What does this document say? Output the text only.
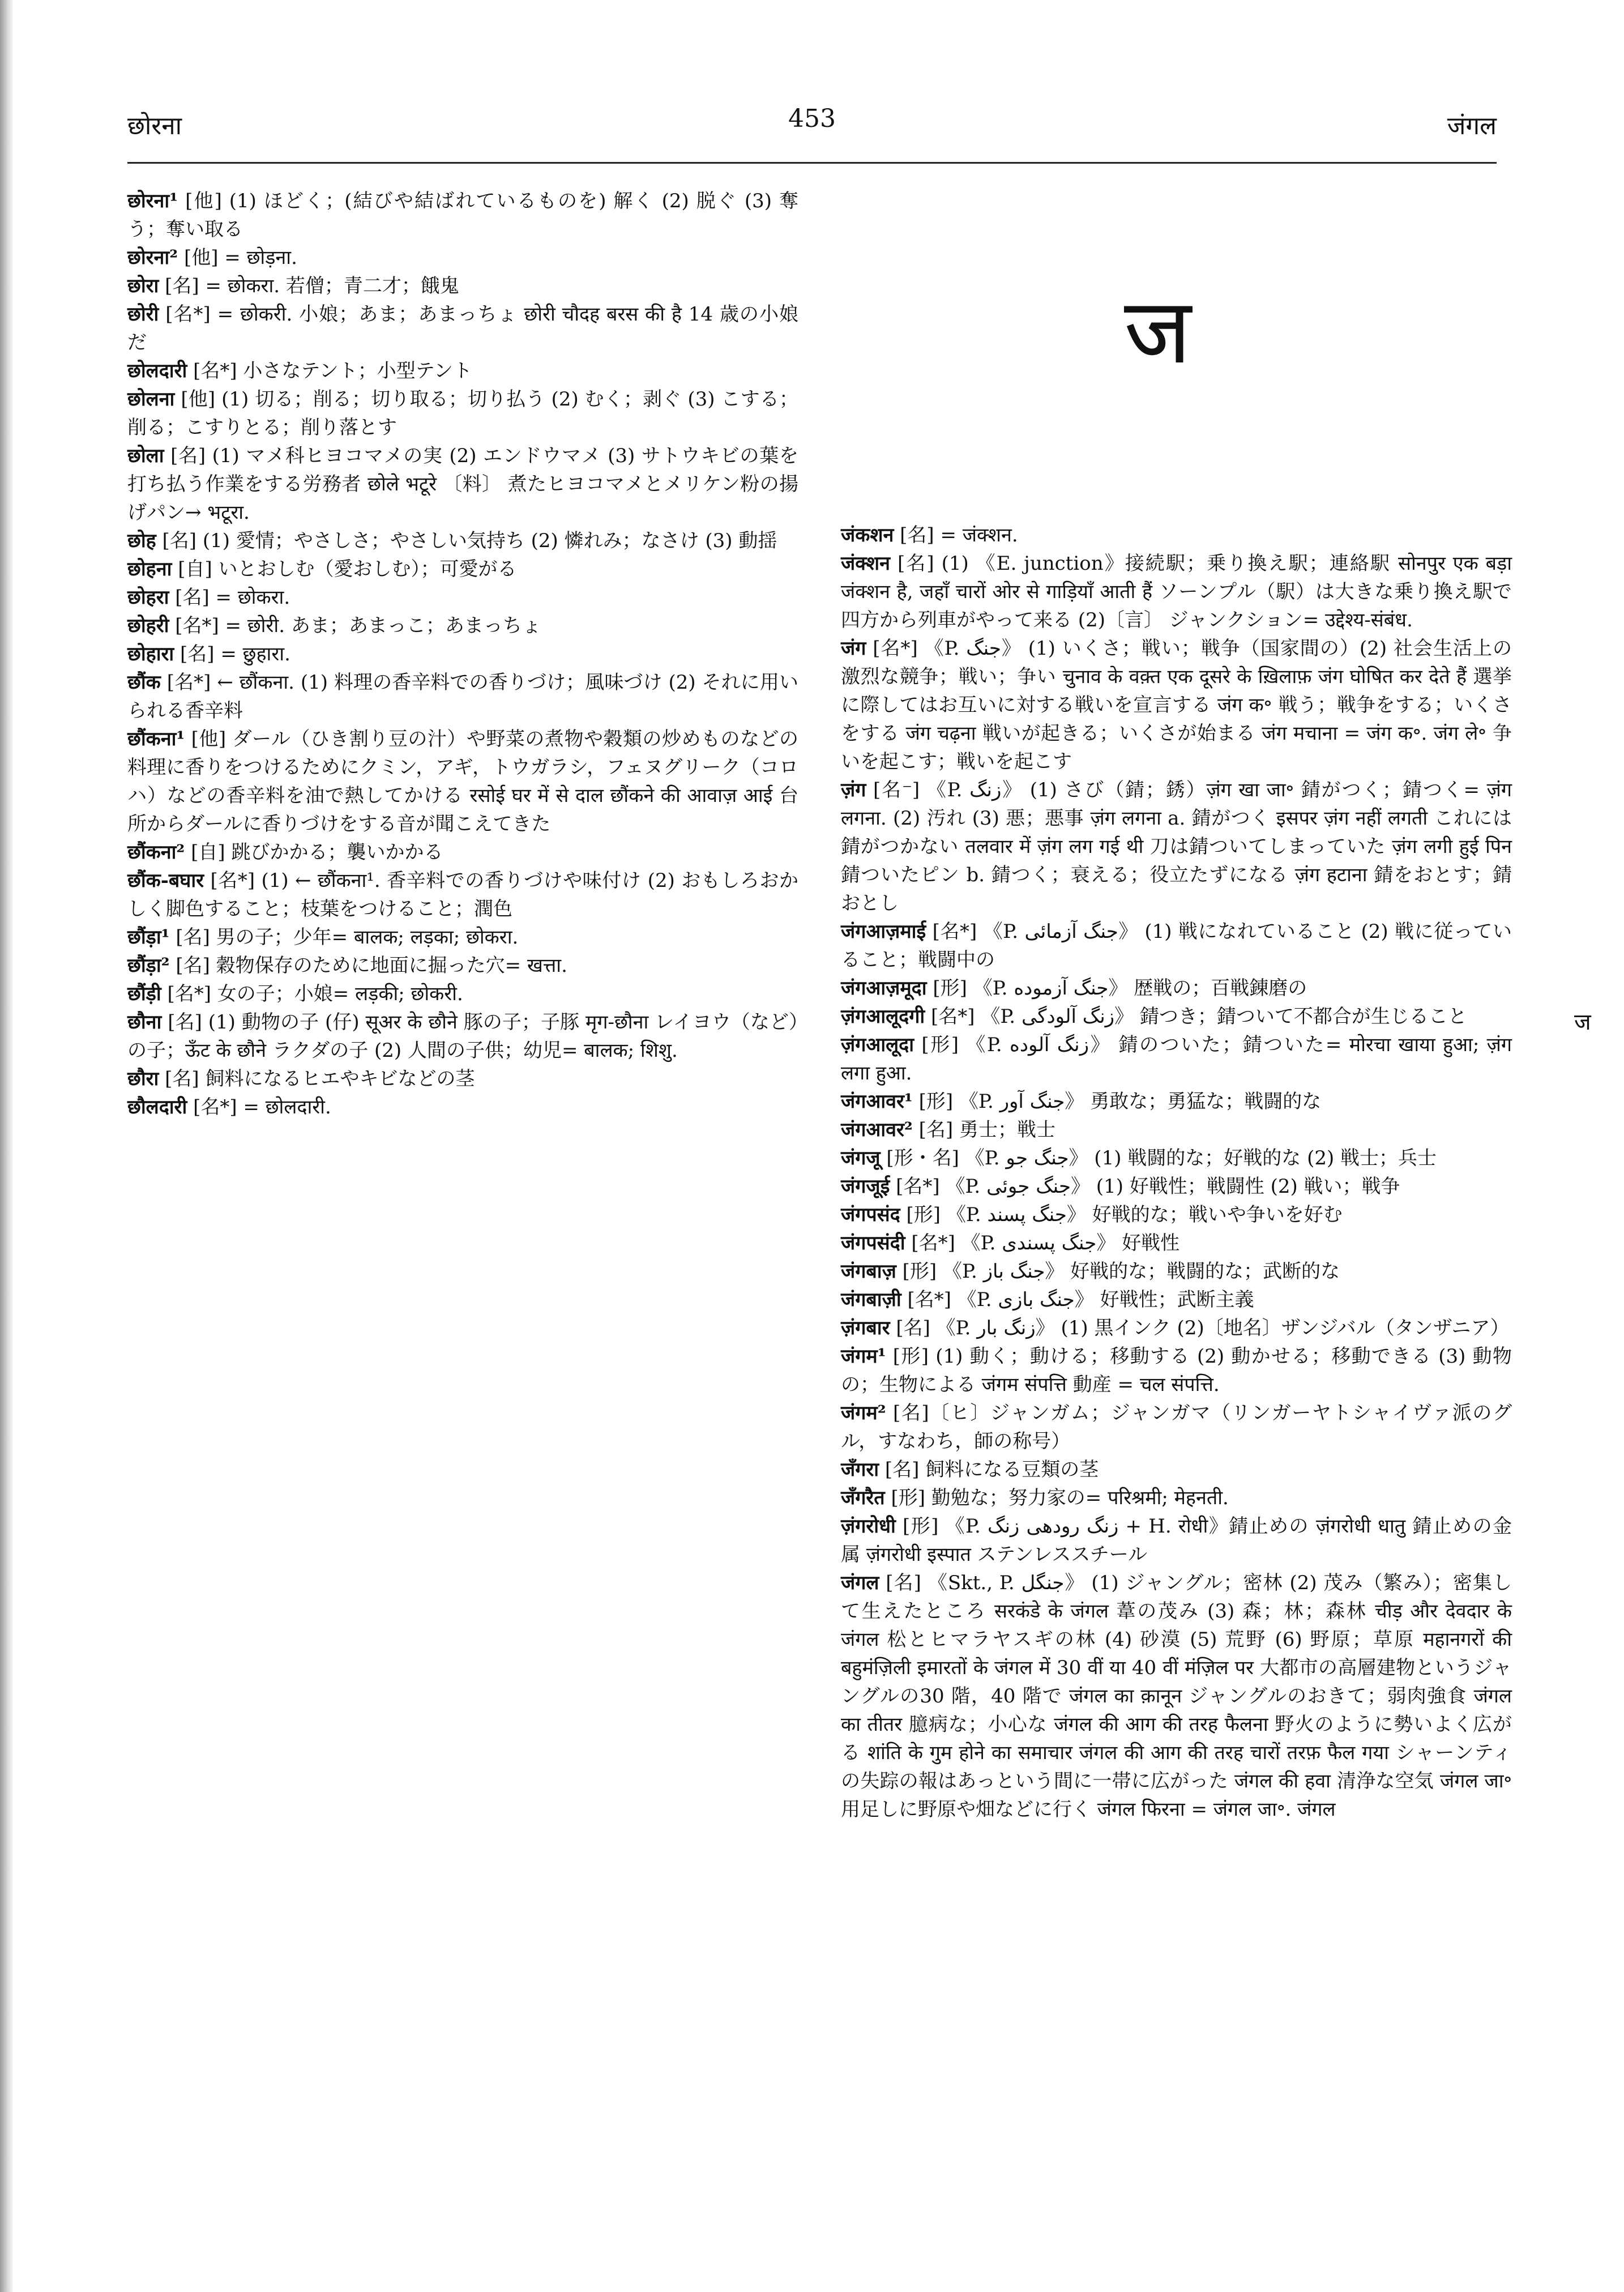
छोरना	453	जंगल

छोरना¹ [他] (1) ほどく；(結びや結ばれているものを) 解く (2) 脱ぐ (3) 奪う；奪い取る

छोरना² [他] = छोड़ना.

छोरा [名] = छोकरा. 若僧；青二才；餓鬼

छोरी [名*] = छोकरी. 小娘；あま；あまっちょ छोरी चौदह बरस की है 14 歳の小娘だ

छोलदारी [名*] 小さなテント；小型テント

छोलना [他] (1) 切る；削る；切り取る；切り払う (2) むく；剥ぐ (3) こする；削る；こすりとる；削り落とす

छोला [名] (1) マメ科ヒヨコマメの実 (2) エンドウマメ (3) サトウキビの葉を打ち払う作業をする労務者 छोले भटूरे 〔料〕 煮たヒヨコマメとメリケン粉の揚げパン→ भटूरा.

छोह [名] (1) 愛情；やさしさ；やさしい気持ち (2) 憐れみ；なさけ (3) 動揺

छोहना [自] いとおしむ（愛おしむ）；可愛がる

छोहरा [名] = छोकरा.

छोहरी [名*] = छोरी. あま；あまっこ；あまっちょ

छोहारा [名] = छुहारा.

छौंक [名*] ← छौंकना. (1) 料理の香辛料での香りづけ；風味づけ (2) それに用いられる香辛料

छौंकना¹ [他] ダール（ひき割り豆の汁）や野菜の煮物や穀類の炒めものなどの料理に香りをつけるためにクミン，アギ，トウガラシ，フェヌグリーク（コロハ）などの香辛料を油で熱してかける रसोई घर में से दाल छौंकने की आवाज़ आई 台所からダールに香りづけをする音が聞こえてきた

छौंकना² [自] 跳びかかる；襲いかかる

छौंक-बघार [名*] (1) ← छौंकना¹. 香辛料での香りづけや味付け (2) おもしろおかしく脚色すること；枝葉をつけること；潤色

छौंड़ा¹ [名] 男の子；少年= बालक; लड़का; छोकरा.

छौंड़ा² [名] 穀物保存のために地面に掘った穴= खत्ता.

छौंड़ी [名*] 女の子；小娘= लड़की; छोकरी.

छौना [名] (1) 動物の子 (仔) सूअर के छौने 豚の子；子豚 मृग-छौना レイヨウ（など）の子；ऊँट के छौने ラクダの子 (2) 人間の子供；幼児= बालक; शिशु.

छौरा [名] 飼料になるヒエやキビなどの茎

छौलदारी [名*] = छोलदारी.

ज

जंकशन [名] = जंक्शन.

जंक्शन [名] (1) 《E. junction》接続駅；乗り換え駅；連絡駅 सोनपुर एक बड़ा जंक्शन है, जहाँ चारों ओर से गाड़ियाँ आती हैं ソーンプル（駅）は大きな乗り換え駅で四方から列車がやって来る (2)〔言〕 ジャンクション= उद्देश्य-संबंध.

जंग [名*] 《P. جنگ》 (1) いくさ；戦い；戦争（国家間の）(2) 社会生活上の激烈な競争；戦い；争い चुनाव के वक़्त एक दूसरे के ख़िलाफ़ जंग घोषित कर देते हैं 選挙に際してはお互いに対する戦いを宣言する जंग क॰ 戦う；戦争をする；いくさをする जंग चढ़ना 戦いが起きる；いくさが始まる जंग मचाना = जंग क॰. जंग ले॰ 争いを起こす；戦いを起こす

ज़ंग [名⁻] 《P. زنگ》 (1) さび（錆；銹）ज़ंग खा जा॰ 錆がつく；錆つく= ज़ंग लगना. (2) 汚れ (3) 悪；悪事 ज़ंग लगना a. 錆がつく इसपर ज़ंग नहीं लगती これには錆がつかない तलवार में ज़ंग लग गई थी 刀は錆ついてしまっていた ज़ंग लगी हुई पिन 錆ついたピン b. 錆つく；衰える；役立たずになる ज़ंग हटाना 錆をおとす；錆おとし

जंगआज़माई [名*] 《P. جنگ آزمائی》 (1) 戦になれていること (2) 戦に従っていること；戦闘中の

जंगआज़मूदा [形] 《P. جنگ آزموده》 歴戦の；百戦錬磨の

ज़ंगआलूदगी [名*] 《P. زنگ آلودگی》 錆つき；錆ついて不都合が生じること

ज़ंगआलूदा [形] 《P. زنگ آلوده》 錆のついた；錆ついた= मोरचा खाया हुआ; ज़ंग लगा हुआ.

जंगआवर¹ [形] 《P. جنگ آور》 勇敢な；勇猛な；戦闘的な

जंगआवर² [名] 勇士；戦士

जंगजू [形・名] 《P. جنگ جو》 (1) 戦闘的な；好戦的な (2) 戦士；兵士

जंगजूई [名*] 《P. جنگ جوئی》 (1) 好戦性；戦闘性 (2) 戦い；戦争

जंगपसंद [形] 《P. جنگ پسند》 好戦的な；戦いや争いを好む

जंगपसंदी [名*] 《P. جنگ پسندی》 好戦性

जंगबाज़ [形] 《P. جنگ باز》 好戦的な；戦闘的な；武断的な

जंगबाज़ी [名*] 《P. جنگ بازی》 好戦性；武断主義

ज़ंगबार [名] 《P. زنگ بار》 (1) 黒インク (2)〔地名〕ザンジバル（タンザニア）

जंगम¹ [形] (1) 動く；動ける；移動する (2) 動かせる；移動できる (3) 動物の；生物による जंगम संपत्ति 動産 = चल संपत्ति.

जंगम² [名]〔ヒ〕ジャンガム；ジャンガマ（リンガーヤトシャイヴァ派のグル，すなわち，師の称号）

जँगरा [名] 飼料になる豆類の茎

जँगरैत [形] 勤勉な；努力家の= परिश्रमी; मेहनती.

ज़ंगरोधी [形] 《P. زنگ رودهی زنگ + H. रोधी》錆止めの ज़ंगरोधी धातु 錆止めの金属 ज़ंगरोधी इस्पात ステンレススチール

जंगल [名] 《Skt., P. جنگل》 (1) ジャングル；密林 (2) 茂み（繁み）；密集して生えたところ सरकंडे के जंगल 葦の茂み (3) 森；林；森林 चीड़ और देवदार के जंगल 松とヒマラヤスギの林 (4) 砂漠 (5) 荒野 (6) 野原；草原 महानगरों की बहुमंज़िली इमारतों के जंगल में 30 वीं या 40 वीं मंज़िल पर 大都市の高層建物というジャングルの30 階，40 階で जंगल का क़ानून ジャングルのおきて；弱肉強食 जंगल का तीतर 臆病な；小心な जंगल की आग की तरह फैलना 野火のように勢いよく広がる शांति के गुम होने का समाचार जंगल की आग की तरह चारों तरफ़ फैल गया シャーンティの失踪の報はあっという間に一帯に広がった जंगल की हवा 清浄な空気 जंगल जा॰ 用足しに野原や畑などに行く जंगल फिरना = जंगल जा॰. जंगल

ज
